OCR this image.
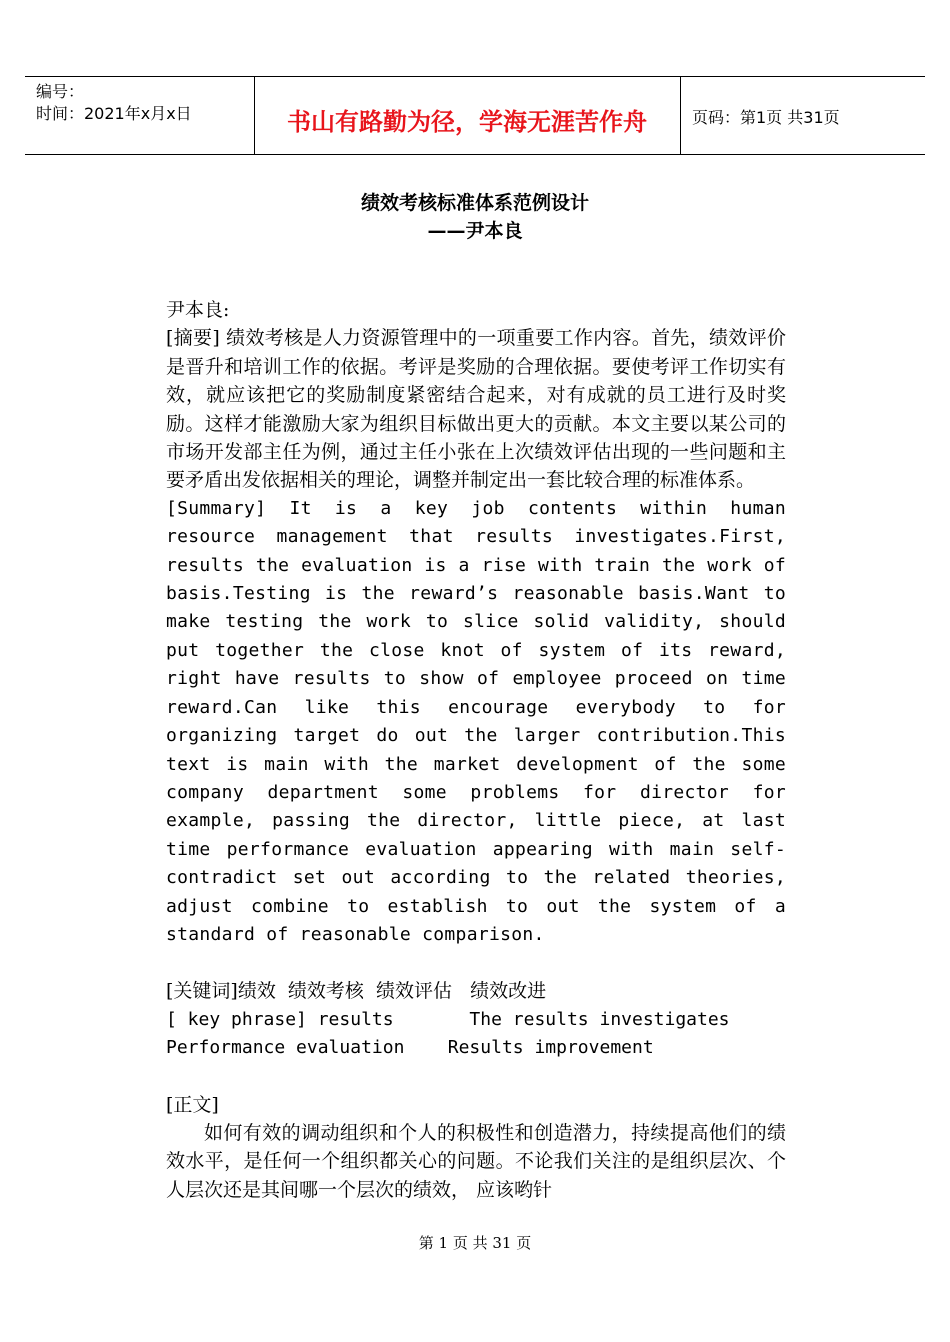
编号：
时间：2021年x月x日	书山有路勤为径，学海无涯苦作舟	页码：第1页 共31页
绩效考核标准体系范例设计
——尹本良

尹本良:

[摘要] 绩效考核是人力资源管理中的一项重要工作内容。首先，绩效评价是晋升和培训工作的依据。考评是奖励的合理依据。要使考评工作切实有效，就应该把它的奖励制度紧密结合起来，对有成就的员工进行及时奖励。这样才能激励大家为组织目标做出更大的贡献。本文主要以某公司的市场开发部主任为例，通过主任小张在上次绩效评估出现的一些问题和主要矛盾出发依据相关的理论，调整并制定出一套比较合理的标准体系。

[Summary] It is a key job contents within human resource management that results investigates.First, results the evaluation is a rise with train the work of basis.Testing is the reward’s reasonable basis.Want to make testing the work to slice solid validity, should put together the close knot of system of its reward, right have results to show of employee proceed on time reward.Can like this encourage everybody to for organizing target do out the larger contribution.This text is main with the market development of the some company department some problems for director for example, passing the director, little piece, at last time performance evaluation appearing with main self-contradict set out according to the related theories, adjust combine to establish to out the system of a standard of reasonable comparison.

[关键词]绩效  绩效考核  绩效评估   绩效改进

[ key phrase] results       The results investigates

Performance evaluation    Results improvement

[正文]

如何有效的调动组织和个人的积极性和创造潜力，持续提高他们的绩效水平，是任何一个组织都关心的问题。不论我们关注的是组织层次、个人层次还是其间哪一个层次的绩效， 应该哟针

第 1 页 共 31 页
